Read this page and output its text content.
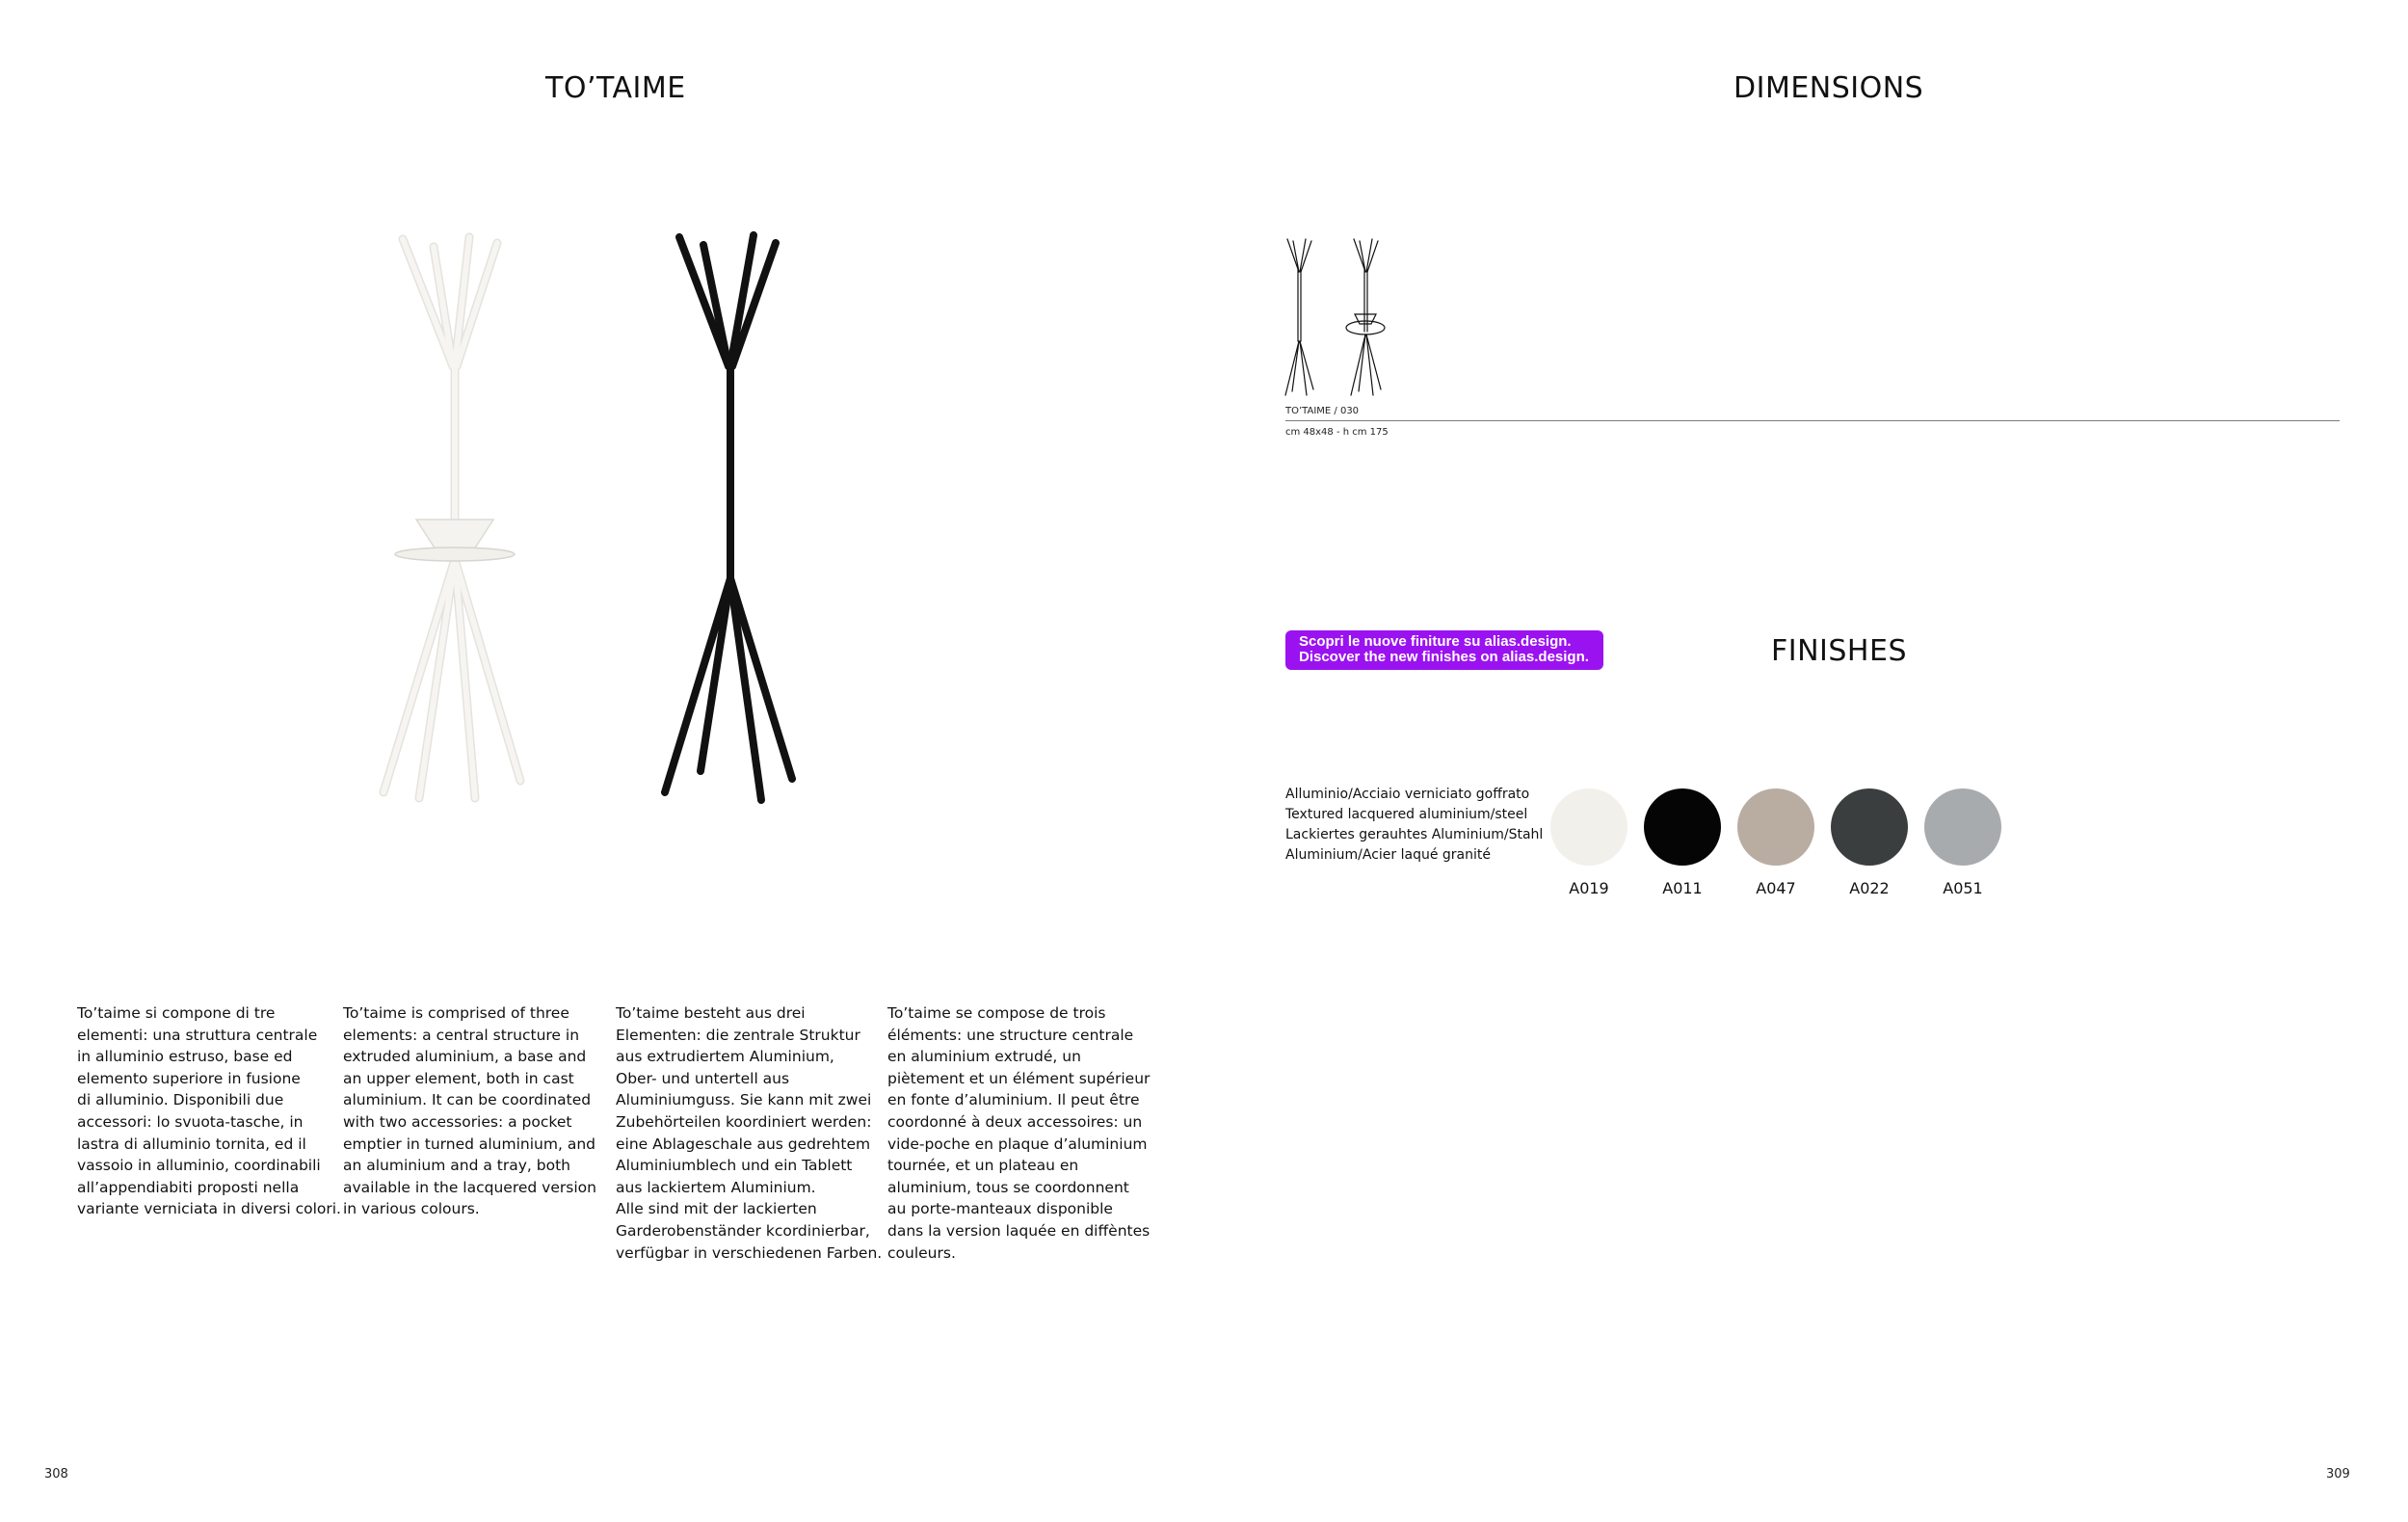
TO’TAIME
To’taime si compone di tre
elementi: una struttura centrale
in alluminio estruso, base ed
elemento superiore in fusione
di alluminio. Disponibili due
accessori: lo svuota-tasche, in
lastra di alluminio tornita, ed il
vassoio in alluminio, coordinabili
all’appendiabiti proposti nella
variante verniciata in diversi colori.
To’taime is comprised of three
elements: a central structure in
extruded aluminium, a base and
an upper element, both in cast
aluminium. It can be coordinated
with two accessories: a pocket
emptier in turned aluminium, and
an aluminium and a tray, both
available in the lacquered version
in various colours.
To’taime besteht aus drei
Elementen: die zentrale Struktur
aus extrudiertem Aluminium,
Ober- und untertell aus
Aluminiumguss. Sie kann mit zwei
Zubehörteilen koordiniert werden:
eine Ablageschale aus gedrehtem
Aluminiumblech und ein Tablett
aus lackiertem Aluminium.
Alle sind mit der lackierten
Garderobenständer kcordinierbar,
verfügbar in verschiedenen Farben.
To’taime se compose de trois
éléments: une structure centrale
en aluminium extrudé, un
piètement et un élément supérieur
en fonte d’aluminium. Il peut être
coordonné à deux accessoires: un
vide-poche en plaque d’aluminium
tournée, et un plateau en
aluminium, tous se coordonnent
au porte-manteaux disponible
dans la version laquée en diffèntes
couleurs.
308
DIMENSIONS
TO’TAIME / 030
cm 48x48 - h cm 175
Scopri le nuove finiture su alias.design.
Discover the new finishes on alias.design.	FINISHES
Alluminio/Acciaio verniciato goffrato
Textured lacquered aluminium/steel
Lackiertes gerauhtes Aluminium/Stahl
Aluminium/Acier laqué granité
A019	A011	A047	A022	A051
309
